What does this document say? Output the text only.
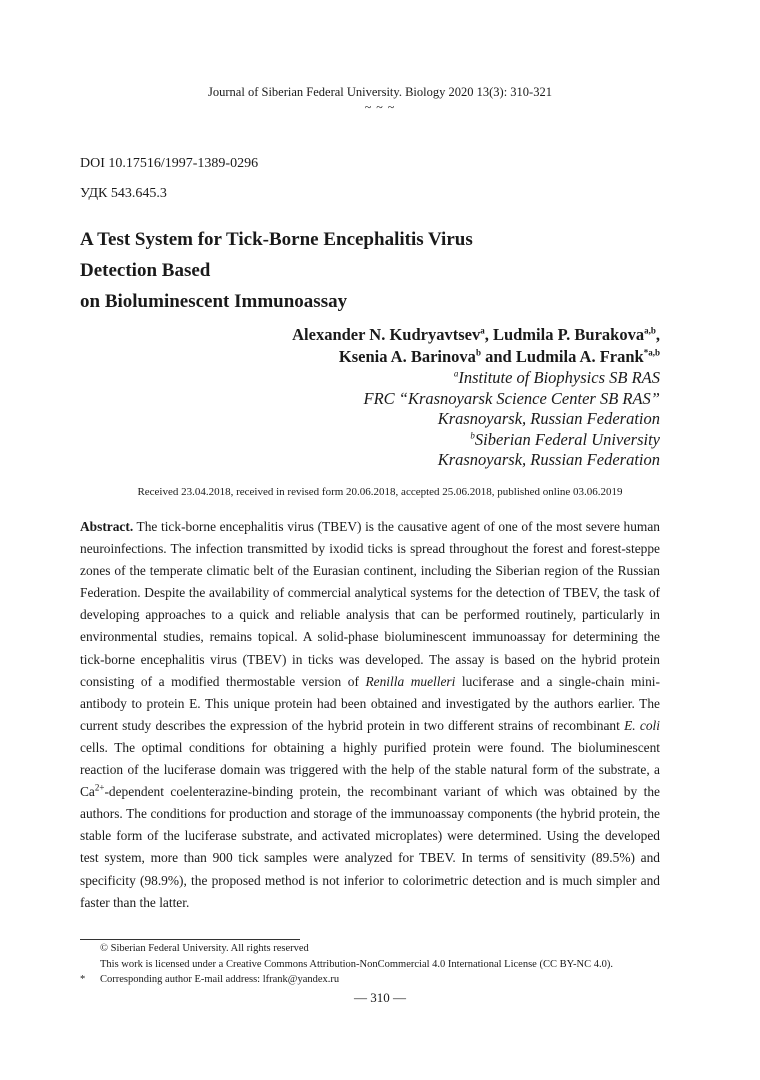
Journal of Siberian Federal University. Biology 2020 13(3): 310-321
~ ~ ~
DOI 10.17516/1997-1389-0296
УДК 543.645.3
A Test System for Tick-Borne Encephalitis Virus
Detection Based
on Bioluminescent Immunoassay
Alexander N. Kudryavtsev$^a$, Ludmila P. Burakova$^{a,b}$,
Ksenia A. Barinova$^b$ and Ludmila A. Frank$^{*a,b}$
$^a$Institute of Biophysics SB RAS
FRC “Krasnoyarsk Science Center SB RAS”
Krasnoyarsk, Russian Federation
$^b$Siberian Federal University
Krasnoyarsk, Russian Federation
Received 23.04.2018, received in revised form 20.06.2018, accepted 25.06.2018, published online 03.06.2019
Abstract. The tick-borne encephalitis virus (TBEV) is the causative agent of one of the most severe human neuroinfections. The infection transmitted by ixodid ticks is spread throughout the forest and forest-steppe zones of the temperate climatic belt of the Eurasian continent, including the Siberian region of the Russian Federation. Despite the availability of commercial analytical systems for the detection of TBEV, the task of developing approaches to a quick and reliable analysis that can be performed routinely, particularly in environmental studies, remains topical. A solid-phase bioluminescent immunoassay for determining the tick-borne encephalitis virus (TBEV) in ticks was developed. The assay is based on the hybrid protein consisting of a modified thermostable version of Renilla muelleri luciferase and a single-chain mini-antibody to protein E. This unique protein had been obtained and investigated by the authors earlier. The current study describes the expression of the hybrid protein in two different strains of recombinant E. coli cells. The optimal conditions for obtaining a highly purified protein were found. The bioluminescent reaction of the luciferase domain was triggered with the help of the stable natural form of the substrate, a $Ca^{2+}$-dependent coelenterazine-binding protein, the recombinant variant of which was obtained by the authors. The conditions for production and storage of the immunoassay components (the hybrid protein, the stable form of the luciferase substrate, and activated microplates) were determined. Using the developed test system, more than 900 tick samples were analyzed for TBEV. In terms of sensitivity (89.5%) and specificity (98.9%), the proposed method is not inferior to colorimetric detection and is much simpler and faster than the latter.
© Siberian Federal University. All rights reserved
This work is licensed under a Creative Commons Attribution-NonCommercial 4.0 International License (CC BY-NC 4.0).
* Corresponding author E-mail address: lfrank@yandex.ru
— 310 —
